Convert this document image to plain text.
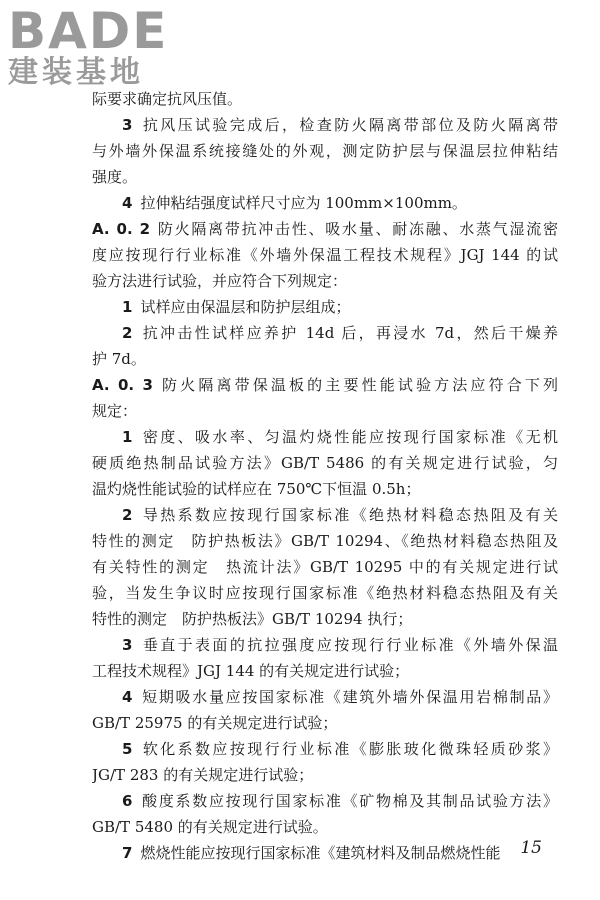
BADE
建装基地
际要求确定抗风压值。
3 抗风压试验完成后，检查防火隔离带部位及防火隔离带
与外墙外保温系统接缝处的外观，测定防护层与保温层拉伸粘结
强度。
4 拉伸粘结强度试样尺寸应为 100mm×100mm。
A. 0. 2 防火隔离带抗冲击性、吸水量、耐冻融、水蒸气湿流密
度应按现行行业标准《外墙外保温工程技术规程》JGJ 144 的试
验方法进行试验，并应符合下列规定：
1 试样应由保温层和防护层组成；
2 抗冲击性试样应养护 14d 后，再浸水 7d，然后干燥养
护 7d。
A. 0. 3 防火隔离带保温板的主要性能试验方法应符合下列
规定：
1 密度、吸水率、匀温灼烧性能应按现行国家标准《无机
硬质绝热制品试验方法》GB/T 5486 的有关规定进行试验，匀
温灼烧性能试验的试样应在 750℃下恒温 0.5h；
2 导热系数应按现行国家标准《绝热材料稳态热阻及有关
特性的测定　防护热板法》GB/T 10294、《绝热材料稳态热阻及
有关特性的测定　热流计法》GB/T 10295 中的有关规定进行试
验，当发生争议时应按现行国家标准《绝热材料稳态热阻及有关
特性的测定　防护热板法》GB/T 10294 执行；
3 垂直于表面的抗拉强度应按现行行业标准《外墙外保温
工程技术规程》JGJ 144 的有关规定进行试验；
4 短期吸水量应按国家标准《建筑外墙外保温用岩棉制品》
GB/T 25975 的有关规定进行试验；
5 软化系数应按现行行业标准《膨胀玻化微珠轻质砂浆》
JG/T 283 的有关规定进行试验；
6 酸度系数应按现行国家标准《矿物棉及其制品试验方法》
GB/T 5480 的有关规定进行试验。
7 燃烧性能应按现行国家标准《建筑材料及制品燃烧性能	15
